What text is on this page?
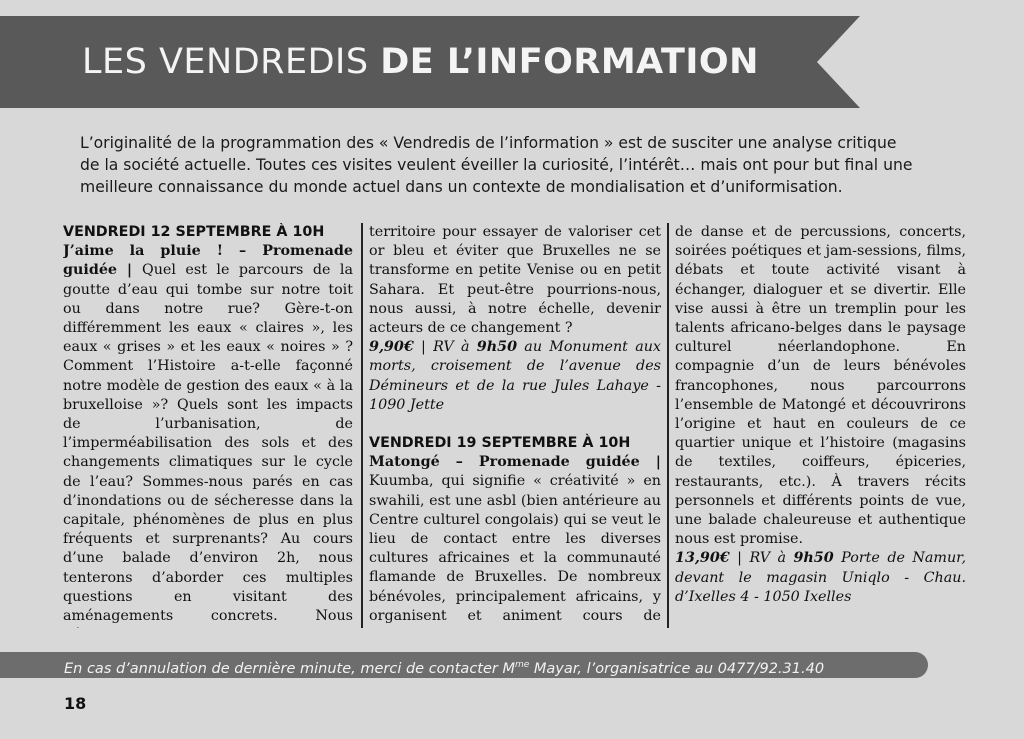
LES VENDREDIS DE L’INFORMATION

L’originalité de la programmation des « Vendredis de l’information » est de susciter une analyse critique de la société actuelle. Toutes ces visites veulent éveiller la curiosité, l’intérêt… mais ont pour but final une meilleure connaissance du monde actuel dans un contexte de mondialisation et d’uniformisation.

VENDREDI 12 SEPTEMBRE À 10H
J’aime la pluie ! – Promenade guidée | Quel est le parcours de la goutte d’eau qui tombe sur notre toit ou dans notre rue? Gère-t-on différemment les eaux « claires », les eaux « grises » et les eaux « noires » ? Comment l’Histoire a-t-elle façonné notre modèle de gestion des eaux « à la bruxelloise »? Quels sont les impacts de l’urbanisation, de l’imperméabilisation des sols et des changements climatiques sur le cycle de l’eau? Sommes-nous parés en cas d’inondations ou de sécheresse dans la capitale, phénomènes de plus en plus fréquents et surprenants? Au cours d’une balade d’environ 2h, nous tenterons d’aborder ces multiples questions en visitant des aménagements concrets. Nous
territoire pour essayer de valoriser cet or bleu et éviter que Bruxelles ne se transforme en petite Venise ou en petit Sahara. Et peut-être pourrions-nous, nous aussi, à notre échelle, devenir acteurs de ce changement ?
9,90€ | RV à 9h50 au Monument aux morts, croisement de l’avenue des Démineurs et de la rue Jules Lahaye - 1090 Jette
VENDREDI 19 SEPTEMBRE À 10H
Matongé – Promenade guidée | Kuumba, qui signifie « créativité » en swahili, est une asbl (bien antérieure au Centre culturel congolais) qui se veut le lieu de contact entre les diverses cultures africaines et la communauté flamande de Bruxelles. De nombreux bénévoles, principalement africains, y organisent et animent cours de
de danse et de percussions, concerts, soirées poétiques et jam-sessions, films, débats et toute activité visant à échanger, dialoguer et se divertir. Elle vise aussi à être un tremplin pour les talents africano-belges dans le paysage culturel néerlandophone. En compagnie d’un de leurs bénévoles francophones, nous parcourrons l’ensemble de Matongé et découvrirons l’origine et haut en couleurs de ce quartier unique et l’histoire (magasins de textiles, coiffeurs, épiceries, restaurants, etc.). À travers récits personnels et différents points de vue, une balade chaleureuse et authentique nous est promise.
13,90€ | RV à 9h50 Porte de Namur, devant le magasin Uniqlo - Chau. d’Ixelles 4 - 1050 Ixelles
En cas d’annulation de dernière minute, merci de contacter $M^{me}$ Mayar, l’organisatrice au 0477/92.31.40
18
